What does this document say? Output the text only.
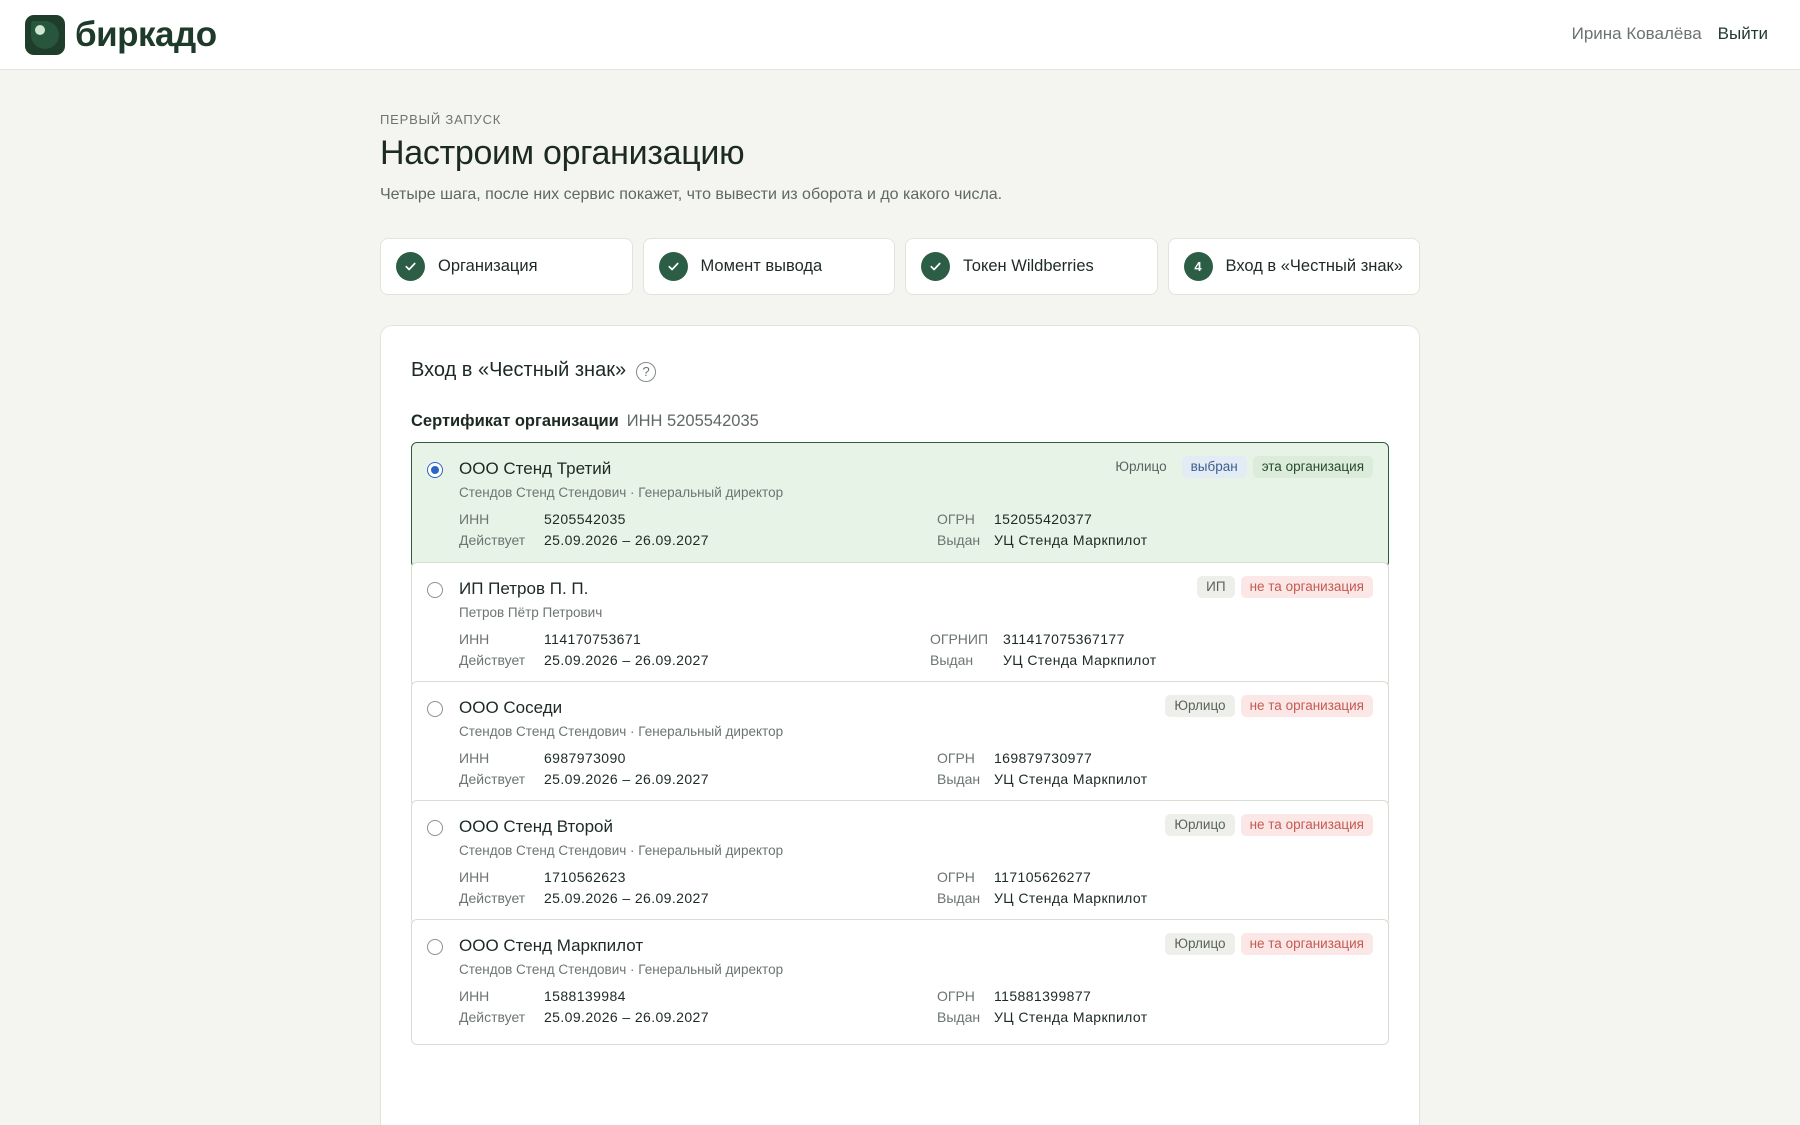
биркадо	Ирина Ковалёва Выйти
ПЕРВЫЙ ЗАПУСК
Настроим организацию

Четыре шага, после них сервис покажет, что вывести из оборота и до какого числа.

Организация	Момент вывода	Токен Wildberries	4	Вход в «Честный знак»
Вход в «Честный знак»	?
Сертификат организации ИНН 5205542035
ООО Стенд Третий
Стендов Стенд Стендович · Генеральный директор
Юрлицо	выбран	эта организация
ИНН	5205542035
Действует	25.09.2026 – 26.09.2027
ОГРН	152055420377
Выдан УЦ Стенда Маркпилот
ИП Петров П. П.
Петров Пётр Петрович
ИП	не та организация
ИНН	114170753671
Действует	25.09.2026 – 26.09.2027
ОГРНИП	311417075367177
Выдан	УЦ Стенда Маркпилот
ООО Соседи
Стендов Стенд Стендович · Генеральный директор
Юрлицо	не та организация
ИНН	6987973090
Действует	25.09.2026 – 26.09.2027
ОГРН	169879730977
Выдан УЦ Стенда Маркпилот
ООО Стенд Второй
Стендов Стенд Стендович · Генеральный директор
Юрлицо	не та организация
ИНН	1710562623
Действует	25.09.2026 – 26.09.2027
ОГРН	117105626277
Выдан УЦ Стенда Маркпилот
ООО Стенд Маркпилот
Стендов Стенд Стендович · Генеральный директор
Юрлицо	не та организация
ИНН	1588139984
Действует	25.09.2026 – 26.09.2027
ОГРН	115881399877
Выдан УЦ Стенда Маркпилот
